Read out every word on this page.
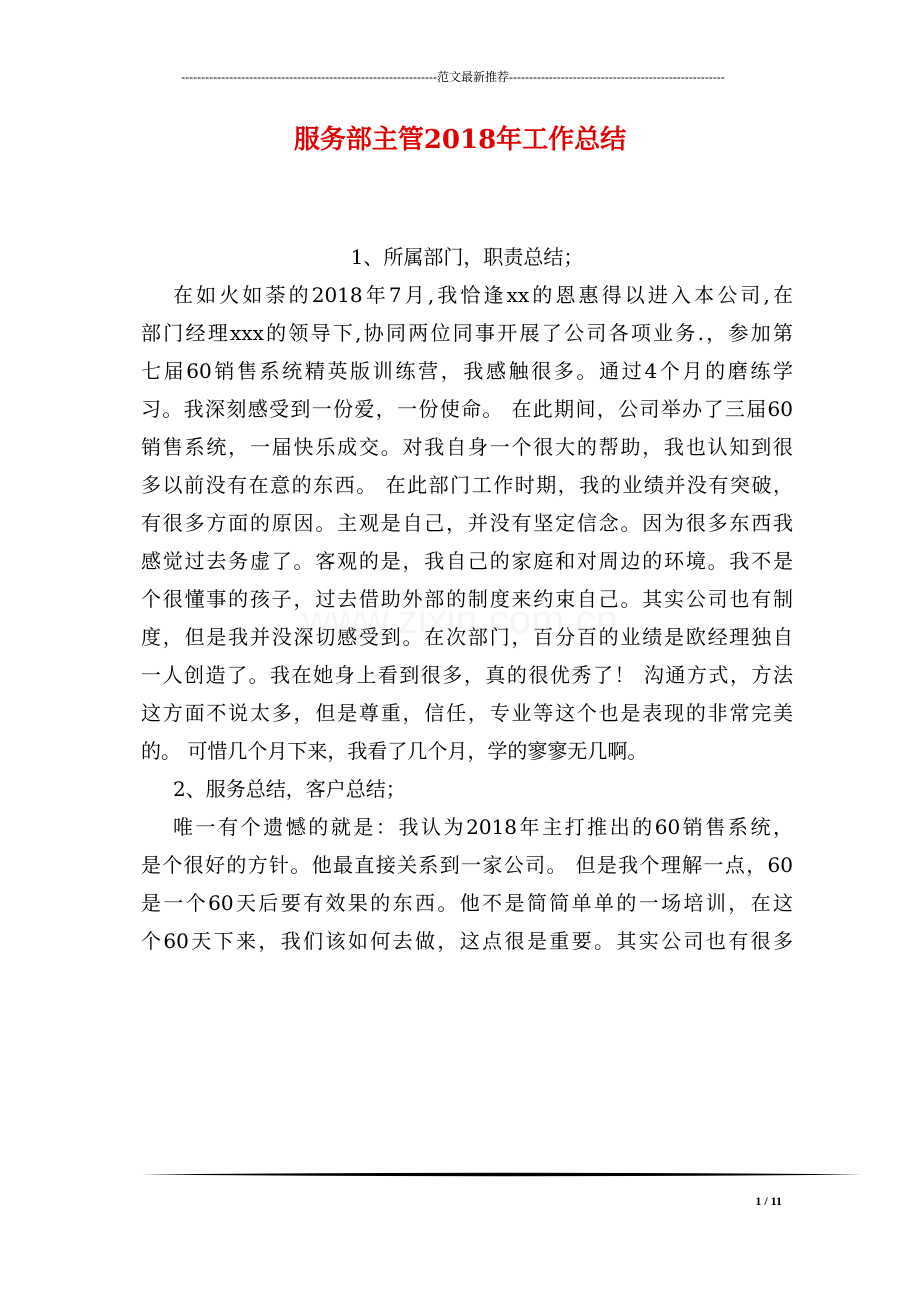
----------------------------------------------------------------范文最新推荐------------------------------------------------------
服务部主管2018年工作总结
1、所属部门，职责总结；
在如火如荼的2018年7月,我恰逢xx的恩惠得以进入本公司,在
部门经理xxx的领导下,协同两位同事开展了公司各项业务.，参加第
七届60销售系统精英版训练营，我感触很多。通过4个月的磨练学
习。我深刻感受到一份爱，一份使命。 在此期间，公司举办了三届60
销售系统，一届快乐成交。对我自身一个很大的帮助，我也认知到很
多以前没有在意的东西。 在此部门工作时期，我的业绩并没有突破，
有很多方面的原因。主观是自己，并没有坚定信念。因为很多东西我
感觉过去务虚了。客观的是，我自己的家庭和对周边的环境。我不是
个很懂事的孩子，过去借助外部的制度来约束自己。其实公司也有制
度，但是我并没深切感受到。在次部门，百分百的业绩是欧经理独自
一人创造了。我在她身上看到很多，真的很优秀了！ 沟通方式，方法
这方面不说太多，但是尊重，信任，专业等这个也是表现的非常完美
的。 可惜几个月下来，我看了几个月，学的寥寥无几啊。
2、服务总结，客户总结；
唯一有个遗憾的就是：我认为2018年主打推出的60销售系统，
是个很好的方针。他最直接关系到一家公司。 但是我个理解一点，60
是一个60天后要有效果的东西。他不是简简单单的一场培训，在这
个60天下来，我们该如何去做，这点很是重要。其实公司也有很多
1 / 11
